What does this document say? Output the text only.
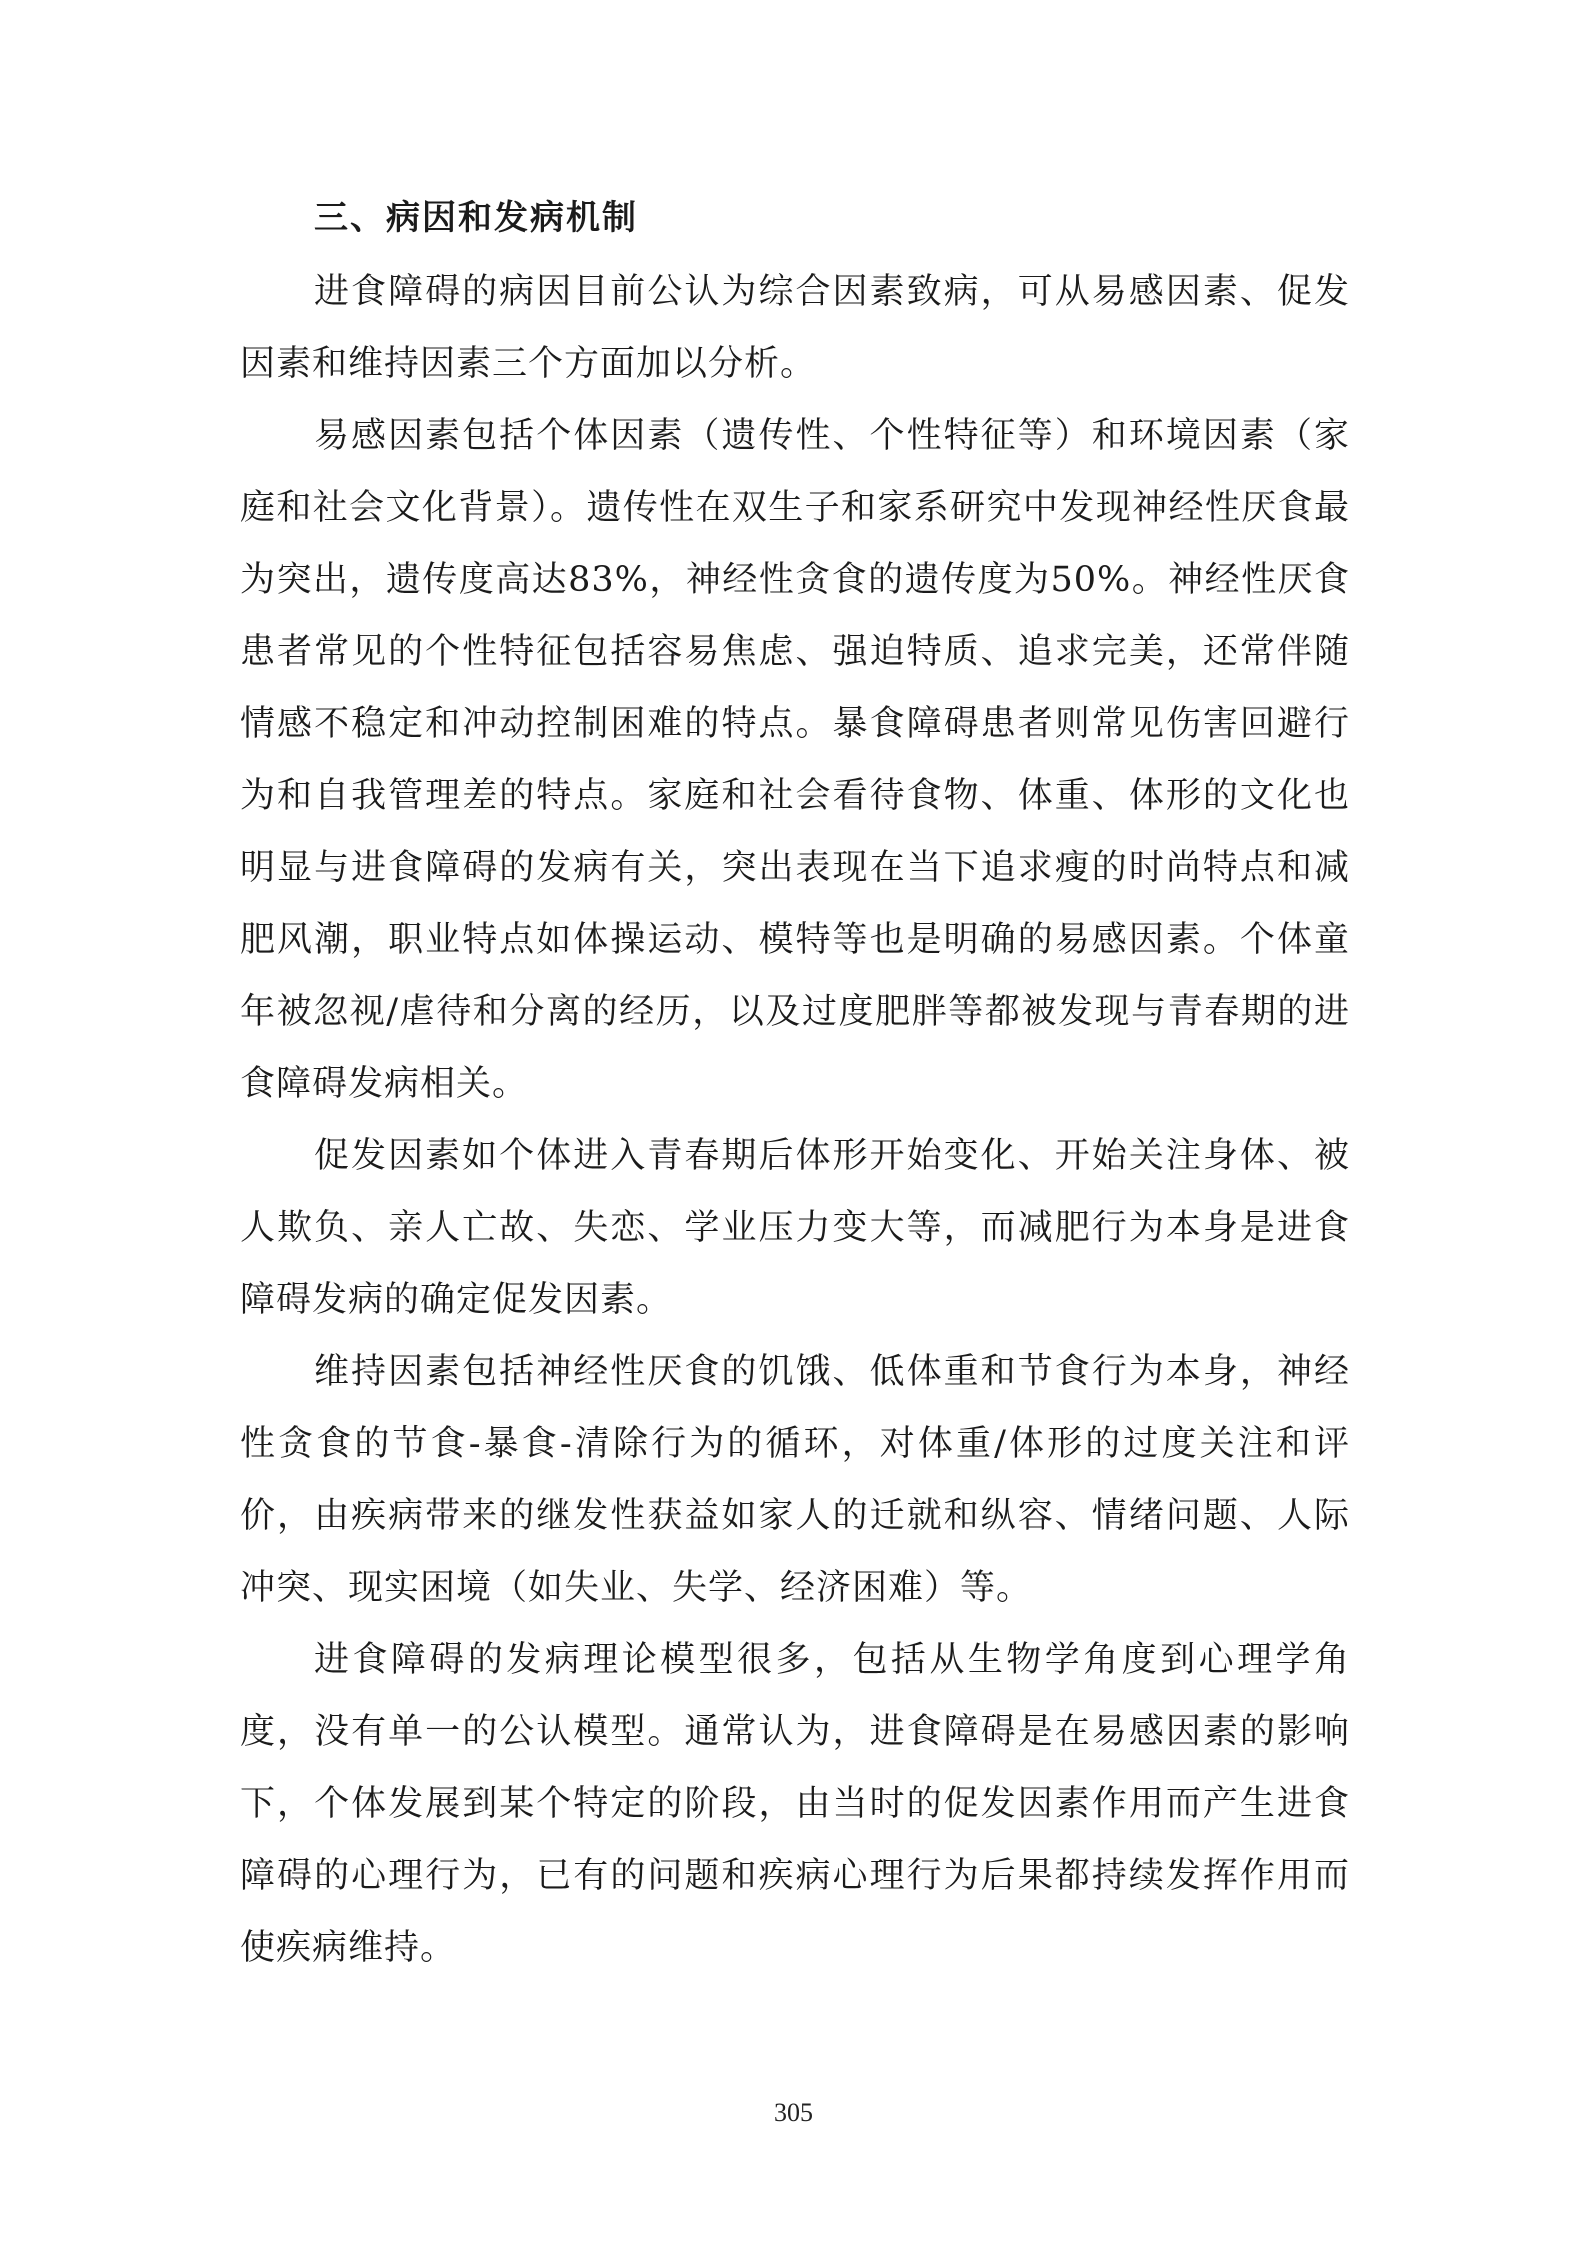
三、病因和发病机制

进食障碍的病因目前公认为综合因素致病，可从易感因素、促发因素和维持因素三个方面加以分析。

易感因素包括个体因素（遗传性、个性特征等）和环境因素（家庭和社会文化背景）。遗传性在双生子和家系研究中发现神经性厌食最为突出，遗传度高达83%，神经性贪食的遗传度为50%。神经性厌食患者常见的个性特征包括容易焦虑、强迫特质、追求完美，还常伴随情感不稳定和冲动控制困难的特点。暴食障碍患者则常见伤害回避行为和自我管理差的特点。家庭和社会看待食物、体重、体形的文化也明显与进食障碍的发病有关，突出表现在当下追求瘦的时尚特点和减肥风潮，职业特点如体操运动、模特等也是明确的易感因素。个体童年被忽视/虐待和分离的经历，以及过度肥胖等都被发现与青春期的进食障碍发病相关。

促发因素如个体进入青春期后体形开始变化、开始关注身体、被人欺负、亲人亡故、失恋、学业压力变大等，而减肥行为本身是进食障碍发病的确定促发因素。

维持因素包括神经性厌食的饥饿、低体重和节食行为本身，神经性贪食的节食-暴食-清除行为的循环，对体重/体形的过度关注和评价，由疾病带来的继发性获益如家人的迁就和纵容、情绪问题、人际冲突、现实困境（如失业、失学、经济困难）等。

进食障碍的发病理论模型很多，包括从生物学角度到心理学角度，没有单一的公认模型。通常认为，进食障碍是在易感因素的影响下，个体发展到某个特定的阶段，由当时的促发因素作用而产生进食障碍的心理行为，已有的问题和疾病心理行为后果都持续发挥作用而使疾病维持。

305
